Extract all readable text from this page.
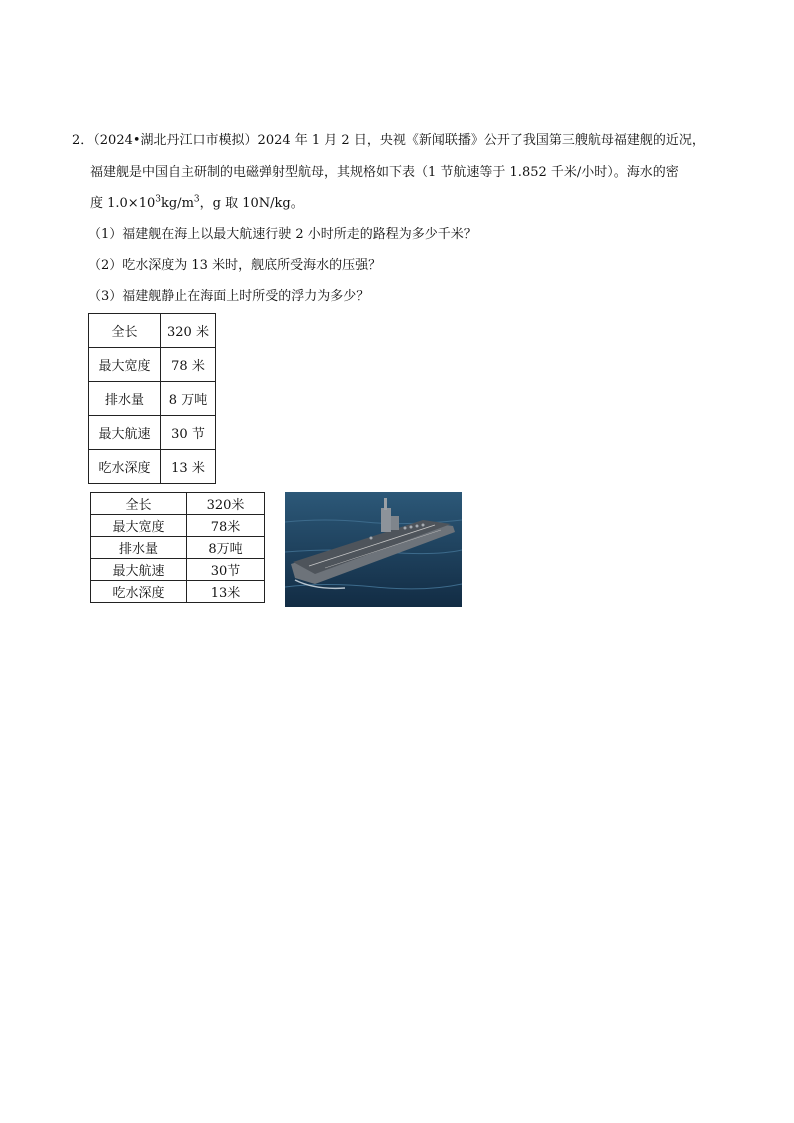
2．（2024•湖北丹江口市模拟）2024 年 1 月 2 日，央视《新闻联播》公开了我国第三艘航母福建舰的近况，
福建舰是中国自主研制的电磁弹射型航母，其规格如下表（1 节航速等于 1.852 千米/小时）。海水的密
度 $1.0\times 10^3kg/m^3$，g 取 10N/kg。
（1）福建舰在海上以最大航速行驶 2 小时所走的路程为多少千米？
（2）吃水深度为 13 米时，舰底所受海水的压强？
（3）福建舰静止在海面上时所受的浮力为多少？
全长	320 米
最大宽度	78 米
排水量	8 万吨
最大航速	30 节
吃水深度	13 米
全长	320米
最大宽度	78米
排水量	8万吨
最大航速	30节
吃水深度	13米
